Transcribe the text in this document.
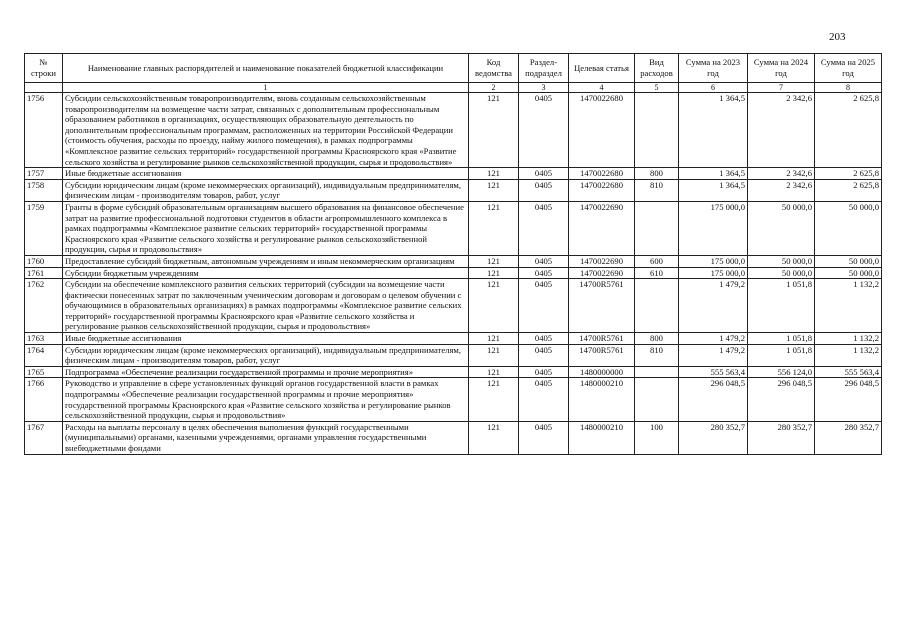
203
№ строки	Наименование главных распорядителей и наименование показателей бюджетной классификации	Код ведомства	Раздел-подраздел	Целевая статья	Вид расходов	Сумма на 2023 год	Сумма на 2024 год	Сумма на 2025 год
	1	2	3	4	5	6	7	8
1756	Субсидии сельскохозяйственным товаропроизводителям, вновь созданным сельскохозяйственным товаропроизводителям на возмещение части затрат, связанных с дополнительным профессиональным образованием работников в организациях, осуществляющих образовательную деятельность по дополнительным профессиональным программам, расположенных на территории Российской Федерации (стоимость обучения, расходы по проезду, найму жилого помещения), в рамках подпрограммы «Комплексное развитие сельских территорий» государственной программы Красноярского края «Развитие сельского хозяйства и регулирование рынков сельскохозяйственной продукции, сырья и продовольствия»	121	0405	1470022680		1 364,5	2 342,6	2 625,8
1757	Иные бюджетные ассигнования	121	0405	1470022680	800	1 364,5	2 342,6	2 625,8
1758	Субсидии юридическим лицам (кроме некоммерческих организаций), индивидуальным предпринимателям, физическим лицам - производителям товаров, работ, услуг	121	0405	1470022680	810	1 364,5	2 342,6	2 625,8
1759	Гранты в форме субсидий образовательным организациям высшего образования на финансовое обеспечение затрат на развитие профессиональной подготовки студентов в области агропромышленного комплекса в рамках подпрограммы «Комплексное развитие сельских территорий» государственной программы Красноярского края «Развитие сельского хозяйства и регулирование рынков сельскохозяйственной продукции, сырья и продовольствия»	121	0405	1470022690		175 000,0	50 000,0	50 000,0
1760	Предоставление субсидий бюджетным, автономным учреждениям и иным некоммерческим организациям	121	0405	1470022690	600	175 000,0	50 000,0	50 000,0
1761	Субсидии бюджетным учреждениям	121	0405	1470022690	610	175 000,0	50 000,0	50 000,0
1762	Субсидии на обеспечение комплексного развития сельских территорий (субсидии на возмещение части фактически понесенных затрат по заключенным ученическим договорам и договорам о целевом обучении с обучающимися в образовательных организациях) в рамках подпрограммы «Комплексное развитие сельских территорий» государственной программы Красноярского края «Развитие сельского хозяйства и регулирование рынков сельскохозяйственной продукции, сырья и продовольствия»	121	0405	14700R5761		1 479,2	1 051,8	1 132,2
1763	Иные бюджетные ассигнования	121	0405	14700R5761	800	1 479,2	1 051,8	1 132,2
1764	Субсидии юридическим лицам (кроме некоммерческих организаций), индивидуальным предпринимателям, физическим лицам - производителям товаров, работ, услуг	121	0405	14700R5761	810	1 479,2	1 051,8	1 132,2
1765	Подпрограмма «Обеспечение реализации государственной программы и прочие мероприятия»	121	0405	1480000000		555 563,4	556 124,0	555 563,4
1766	Руководство и управление в сфере установленных функций органов государственной власти в рамках подпрограммы «Обеспечение реализации государственной программы и прочие мероприятия» государственной программы Красноярского края «Развитие сельского хозяйства и регулирование рынков сельскохозяйственной продукции, сырья и продовольствия»	121	0405	1480000210		296 048,5	296 048,5	296 048,5
1767	Расходы на выплаты персоналу в целях обеспечения выполнения функций государственными (муниципальными) органами, казенными учреждениями, органами управления государственными внебюджетными фондами	121	0405	1480000210	100	280 352,7	280 352,7	280 352,7
